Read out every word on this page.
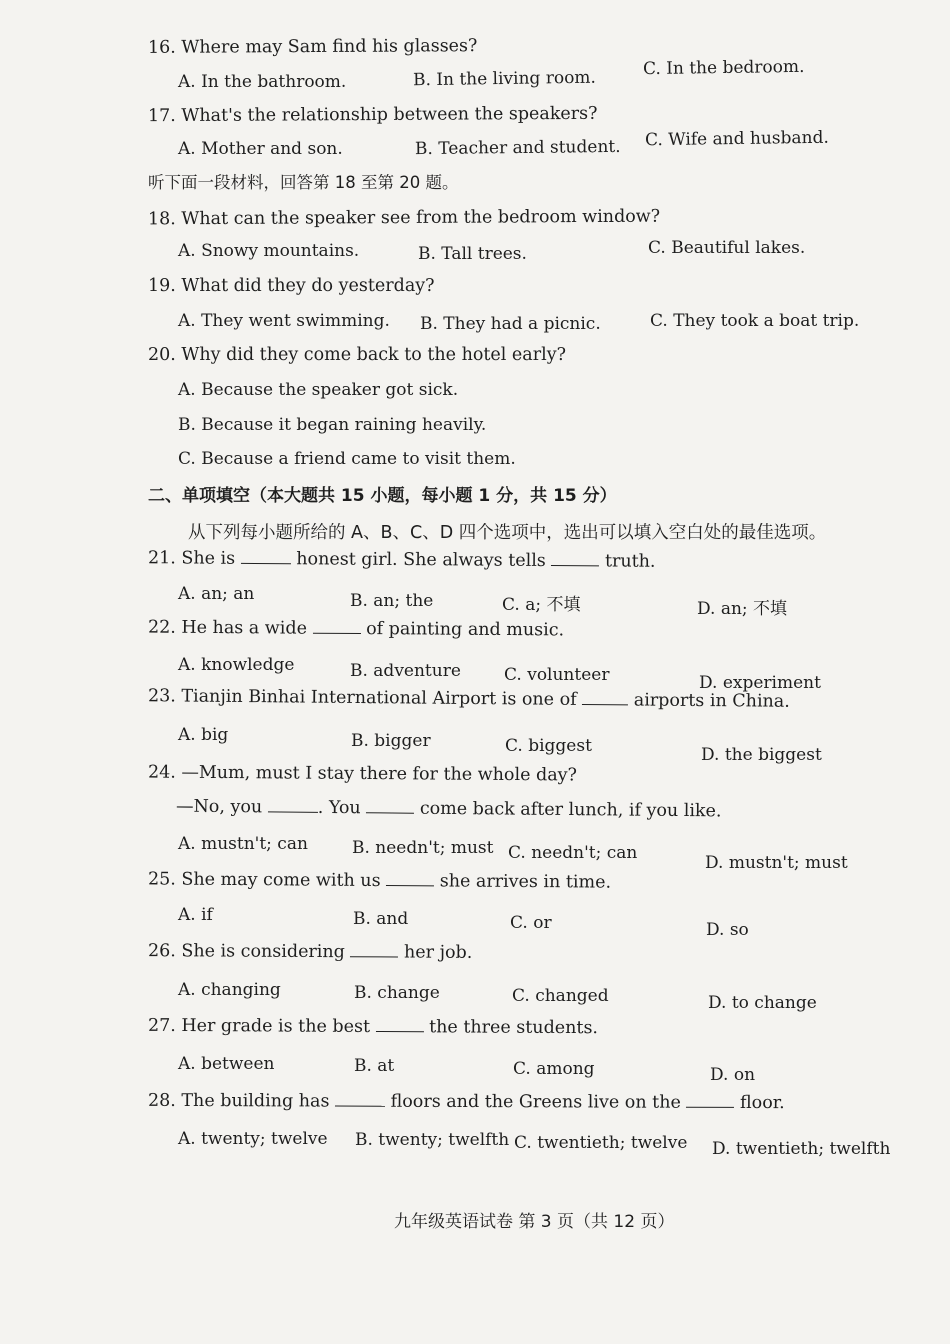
16. Where may Sam find his glasses?
A. In the bathroom.	B. In the living room.	C. In the bedroom.
17. What's the relationship between the speakers?
A. Mother and son.	B. Teacher and student. C. Wife and husband.
听下面一段材料，回答第 18 至第 20 题。
18. What can the speaker see from the bedroom window?
A. Snowy mountains.	B. Tall trees.	C. Beautiful lakes.
19. What did they do yesterday?
A. They went swimming. B. They had a picnic.	C. They took a boat trip.
20. Why did they come back to the hotel early?
A. Because the speaker got sick.
B. Because it began raining heavily.
C. Because a friend came to visit them.
二、单项填空（本大题共 15 小题，每小题 1 分，共 15 分）
从下列每小题所给的 A、B、C、D 四个选项中，选出可以填入空白处的最佳选项。
21. She is	honest girl. She always tells	truth.
A. an; an	B. an; the	C. a; 不填	D. an; 不填
22. He has a wide	of painting and music.
A. knowledge	B. adventure	C. volunteer	D. experiment
23. Tianjin Binhai International Airport is one of	airports in China.
A. big	B. bigger	C. biggest	D. the biggest
24. —Mum, must I stay there for the whole day?
—No, you	. You	come back after lunch, if you like.
A. mustn't; can	B. needn't; must C. needn't; can	D. mustn't; must
25. She may come with us	she arrives in time.
A. if	B. and	C. or	D. so
26. She is considering	her job.
A. changing	B. change	C. changed	D. to change
27. Her grade is the best	the three students.
A. between	B. at	C. among	D. on
28. The building has	floors and the Greens live on the	floor.
A. twenty; twelve B. twenty; twelfth C. twentieth; twelve D. twentieth; twelfth
九年级英语试卷 第 3 页（共 12 页）
